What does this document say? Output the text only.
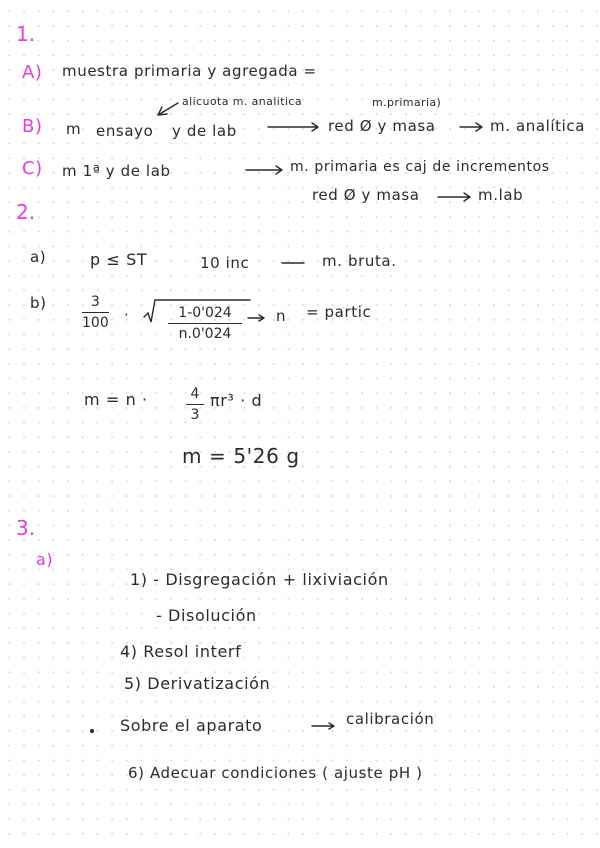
1.
A) muestra primaria y agregada =
alicuota m. analitica	m.primaria)
B) m ensayo y de lab	red Ø y masa	m. analítica
C) m 1ª y de lab	m. primaria es caj de incrementos
red Ø y masa	m.lab
2.
a)	p ≤ ST	10 inc	m. bruta.
b)	3
100 ·	1-0'024
n.0'024
n = partic
m = n ·	4
3
πr³ · d
m = 5'26 g
3.
a)
1) - Disgregación + lixiviación
- Disolución
4) Resol interf
5) Derivatización
Sobre el aparato	calibración
6) Adecuar condiciones ( ajuste pH )
